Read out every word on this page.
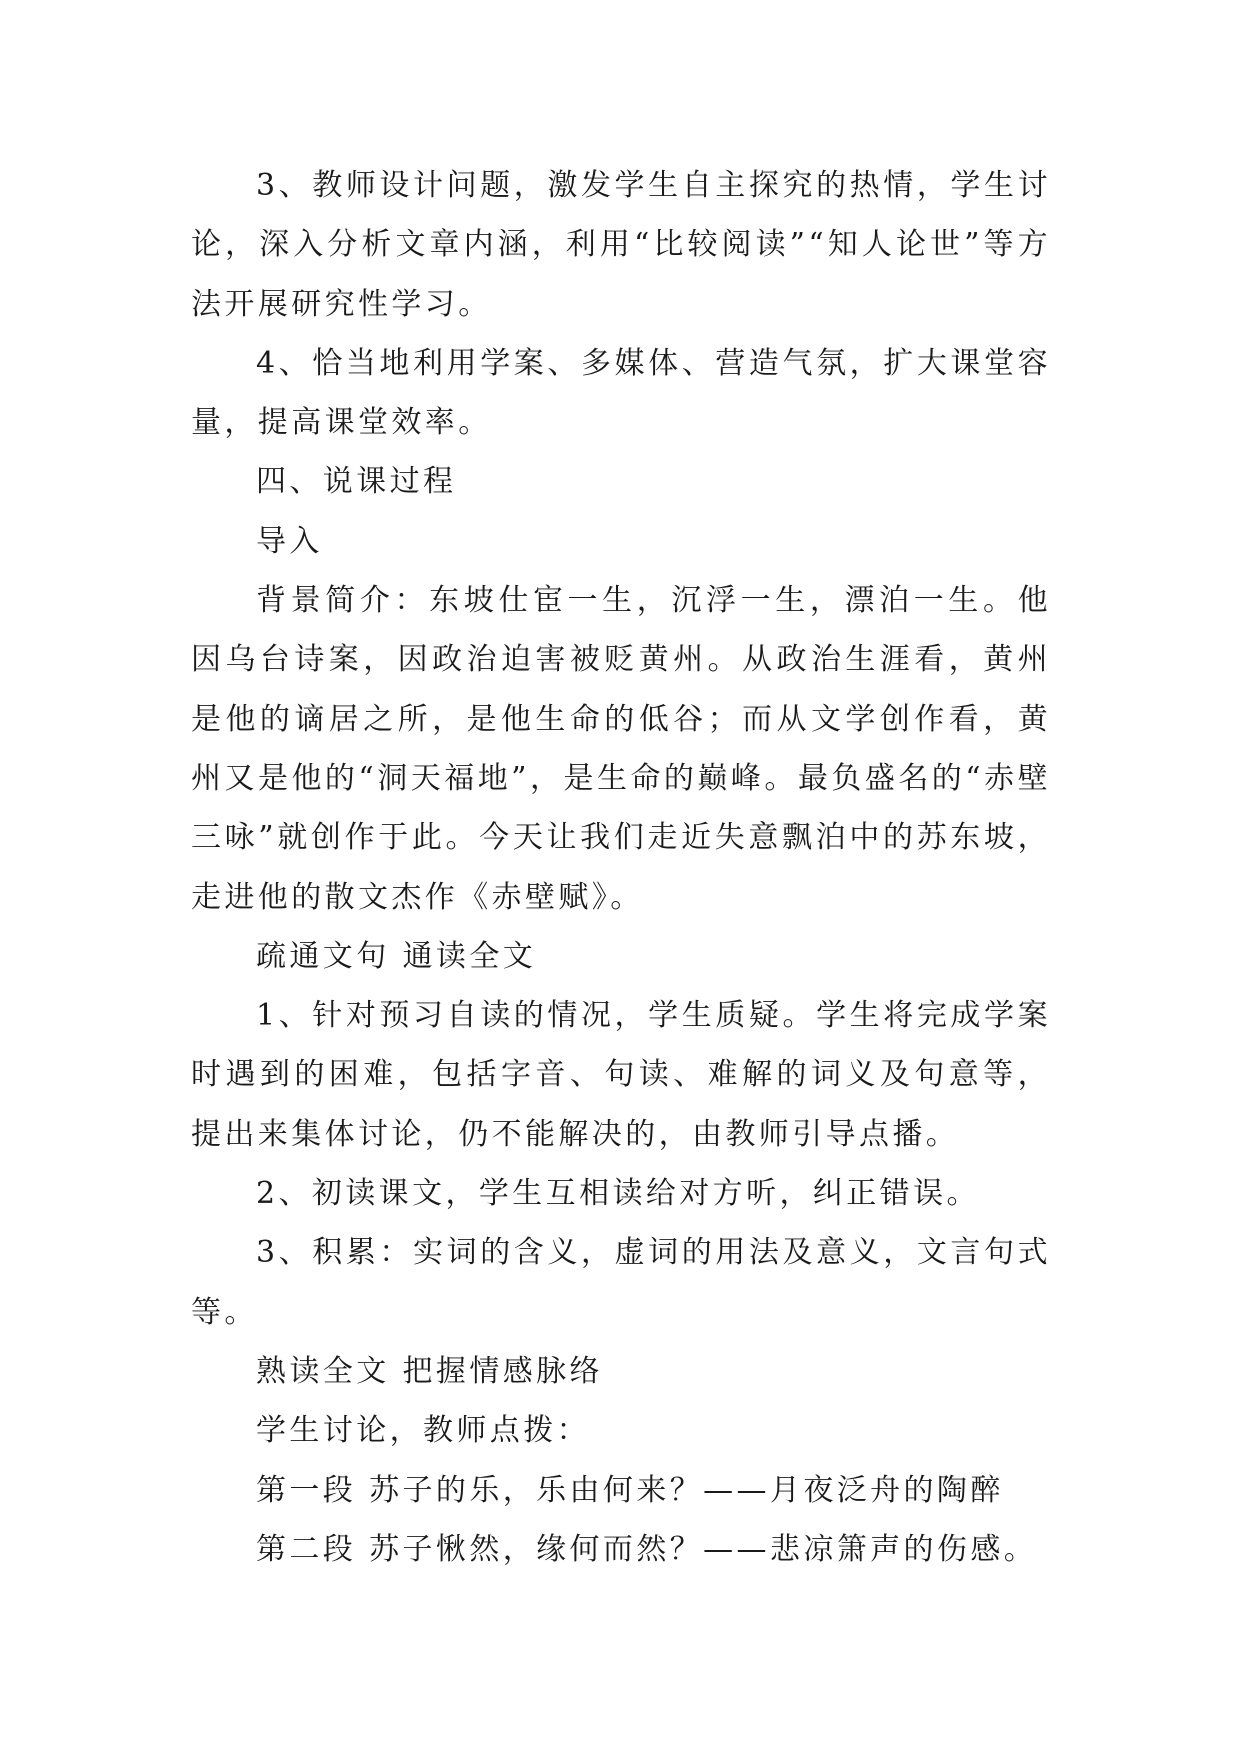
3、教师设计问题，激发学生自主探究的热情，学生讨论，深入分析文章内涵，利用“比较阅读”“知人论世”等方法开展研究性学习。

4、恰当地利用学案、多媒体、营造气氛，扩大课堂容量，提高课堂效率。

四、说课过程

导入

背景简介：东坡仕宦一生，沉浮一生，漂泊一生。他因乌台诗案，因政治迫害被贬黄州。从政治生涯看，黄州是他的谪居之所，是他生命的低谷；而从文学创作看，黄州又是他的“洞天福地”，是生命的巅峰。最负盛名的“赤壁三咏”就创作于此。今天让我们走近失意飘泊中的苏东坡，走进他的散文杰作《赤壁赋》。

疏通文句 通读全文

1、针对预习自读的情况，学生质疑。学生将完成学案时遇到的困难，包括字音、句读、难解的词义及句意等，提出来集体讨论，仍不能解决的，由教师引导点播。

2、初读课文，学生互相读给对方听，纠正错误。

3、积累：实词的含义，虚词的用法及意义，文言句式等。

熟读全文 把握情感脉络

学生讨论，教师点拨：

第一段 苏子的乐，乐由何来？——月夜泛舟的陶醉

第二段 苏子愀然，缘何而然？——悲凉箫声的伤感。
